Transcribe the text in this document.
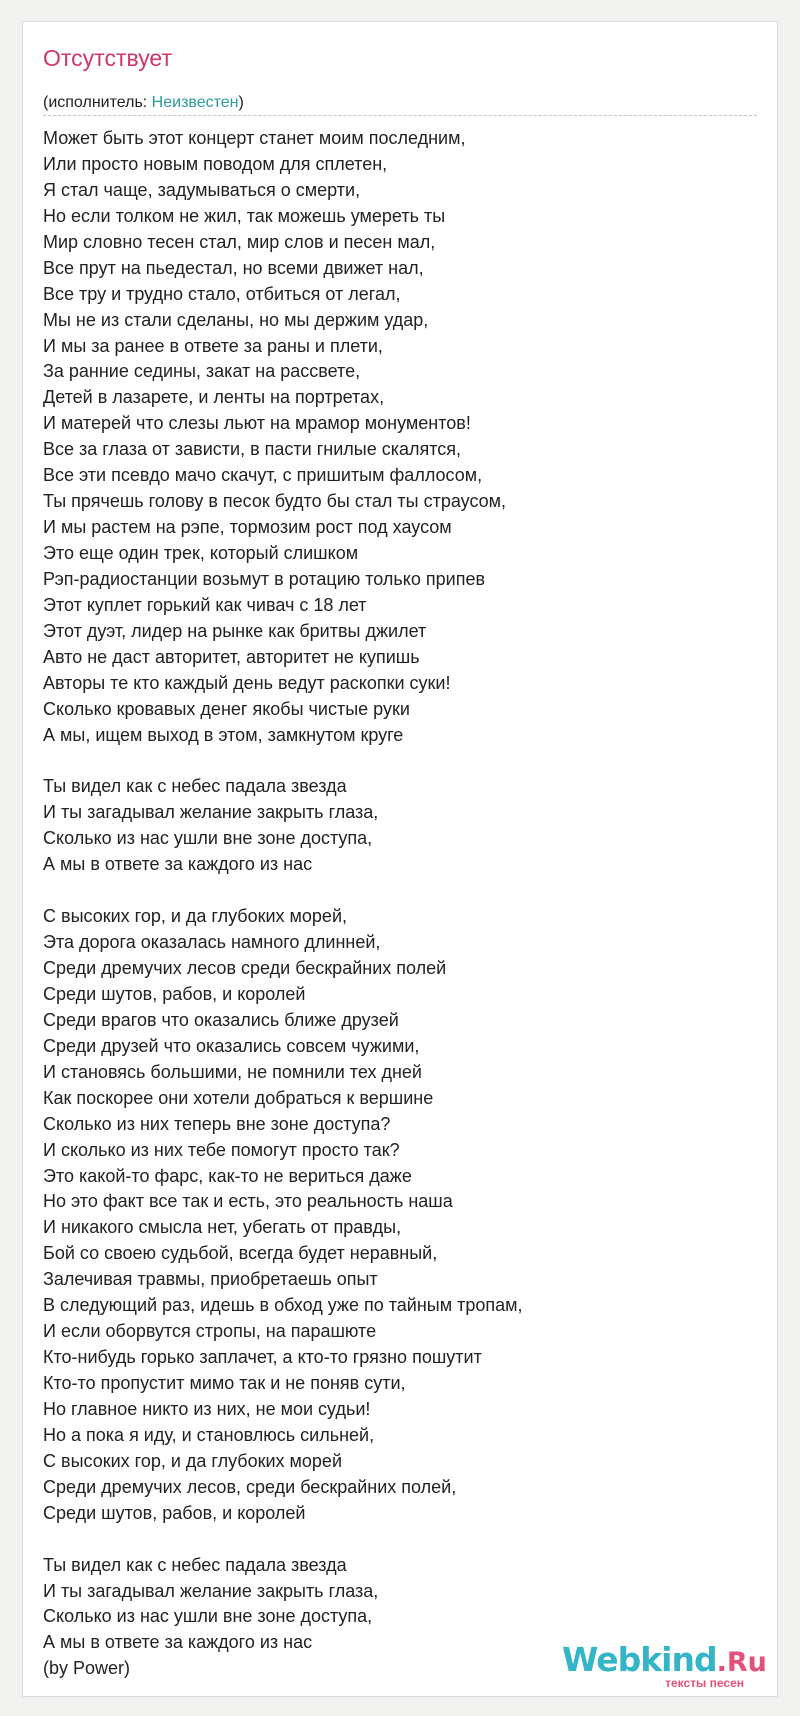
Отсутствует
(исполнитель: Неизвестен)
Может быть этот концерт станет моим последним,
Или просто новым поводом для сплетен,
Я стал чаще, задумываться о смерти,
Но если толком не жил, так можешь умереть ты
Мир словно тесен стал, мир слов и песен мал,
Все прут на пьедестал, но всеми движет нал,
Все тру и трудно стало, отбиться от легал,
Мы не из стали сделаны, но мы держим удар,
И мы за ранее в ответе за раны и плети,
За ранние седины, закат на рассвете,
Детей в лазарете, и ленты на портретах,
И матерей что слезы льют на мрамор монументов!
Все за глаза от зависти, в пасти гнилые скалятся,
Все эти псевдо мачо скачут, с пришитым фаллосом,
Ты прячешь голову в песок будто бы стал ты страусом,
И мы растем на рэпе, тормозим рост под хаусом
Это еще один трек, который слишком
Рэп-радиостанции возьмут в ротацию только припев
Этот куплет горький как чивач с 18 лет
Этот дуэт, лидер на рынке как бритвы джилет
Авто не даст авторитет, авторитет не купишь
Авторы те кто каждый день ведут раскопки суки!
Сколько кровавых денег якобы чистые руки
А мы, ищем выход в этом, замкнутом круге
Ты видел как с небес падала звезда
И ты загадывал желание закрыть глаза,
Сколько из нас ушли вне зоне доступа,
А мы в ответе за каждого из нас
С высоких гор, и да глубоких морей,
Эта дорога оказалась намного длинней,
Среди дремучих лесов среди бескрайних полей
Среди шутов, рабов, и королей
Среди врагов что оказались ближе друзей
Среди друзей что оказались совсем чужими,
И становясь большими, не помнили тех дней
Как поскорее они хотели добраться к вершине
Сколько из них теперь вне зоне доступа?
И сколько из них тебе помогут просто так?
Это какой-то фарс, как-то не вериться даже
Но это факт все так и есть, это реальность наша
И никакого смысла нет, убегать от правды,
Бой со своею судьбой, всегда будет неравный,
Залечивая травмы, приобретаешь опыт
В следующий раз, идешь в обход уже по тайным тропам,
И если оборвутся стропы, на парашюте
Кто-нибудь горько заплачет, а кто-то грязно пошутит
Кто-то пропустит мимо так и не поняв сути,
Но главное никто из них, не мои судьи!
Но а пока я иду, и становлюсь сильней,
С высоких гор, и да глубоких морей
Среди дремучих лесов, среди бескрайних полей,
Среди шутов, рабов, и королей
Ты видел как с небес падала звезда
И ты загадывал желание закрыть глаза,
Сколько из нас ушли вне зоне доступа,
А мы в ответе за каждого из нас
(by Power)	Webkind.Ru
тексты песен
